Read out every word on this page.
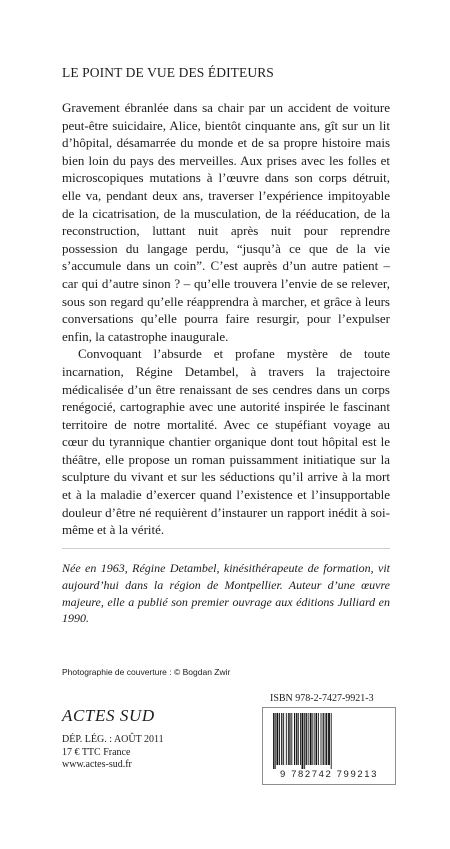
LE POINT DE VUE DES ÉDITEURS

Gravement ébranlée dans sa chair par un accident de voiture peut-être suicidaire, Alice, bientôt cinquante ans, gît sur un lit d’hôpital, désamarrée du monde et de sa propre histoire mais bien loin du pays des merveilles. Aux prises avec les folles et microscopiques mutations à l’œuvre dans son corps détruit, elle va, pendant deux ans, traverser l’expérience impitoyable de la cicatrisation, de la musculation, de la rééducation, de la reconstruction, luttant nuit après nuit pour reprendre possession du langage perdu, “jusqu’à ce que de la vie s’accumule dans un coin”. C’est auprès d’un autre patient – car qui d’autre sinon ? – qu’elle trouvera l’envie de se relever, sous son regard qu’elle réapprendra à marcher, et grâce à leurs conversations qu’elle pourra faire resurgir, pour l’expulser enfin, la catastrophe inaugurale.

Convoquant l’absurde et profane mystère de toute incarnation, Régine Detambel, à travers la trajectoire médicalisée d’un être renaissant de ses cendres dans un corps renégocié, cartographie avec une autorité inspirée le fascinant territoire de notre mortalité. Avec ce stupéfiant voyage au cœur du tyrannique chantier organique dont tout hôpital est le théâtre, elle propose un roman puissamment initiatique sur la sculpture du vivant et sur les séductions qu’il arrive à la mort et à la maladie d’exercer quand l’existence et l’insupportable douleur d’être né requièrent d’instaurer un rapport inédit à soi-même et à la vérité.

Née en 1963, Régine Detambel, kinésithérapeute de formation, vit aujourd’hui dans la région de Montpellier. Auteur d’une œuvre majeure, elle a publié son premier ouvrage aux éditions Julliard en 1990.
Photographie de couverture : © Bogdan Zwir
ACTES SUD
DÉP. LÉG. : AOÛT 2011
17 € TTC France
www.actes-sud.fr
ISBN 978-2-7427-9921-3
9 782742 799213
